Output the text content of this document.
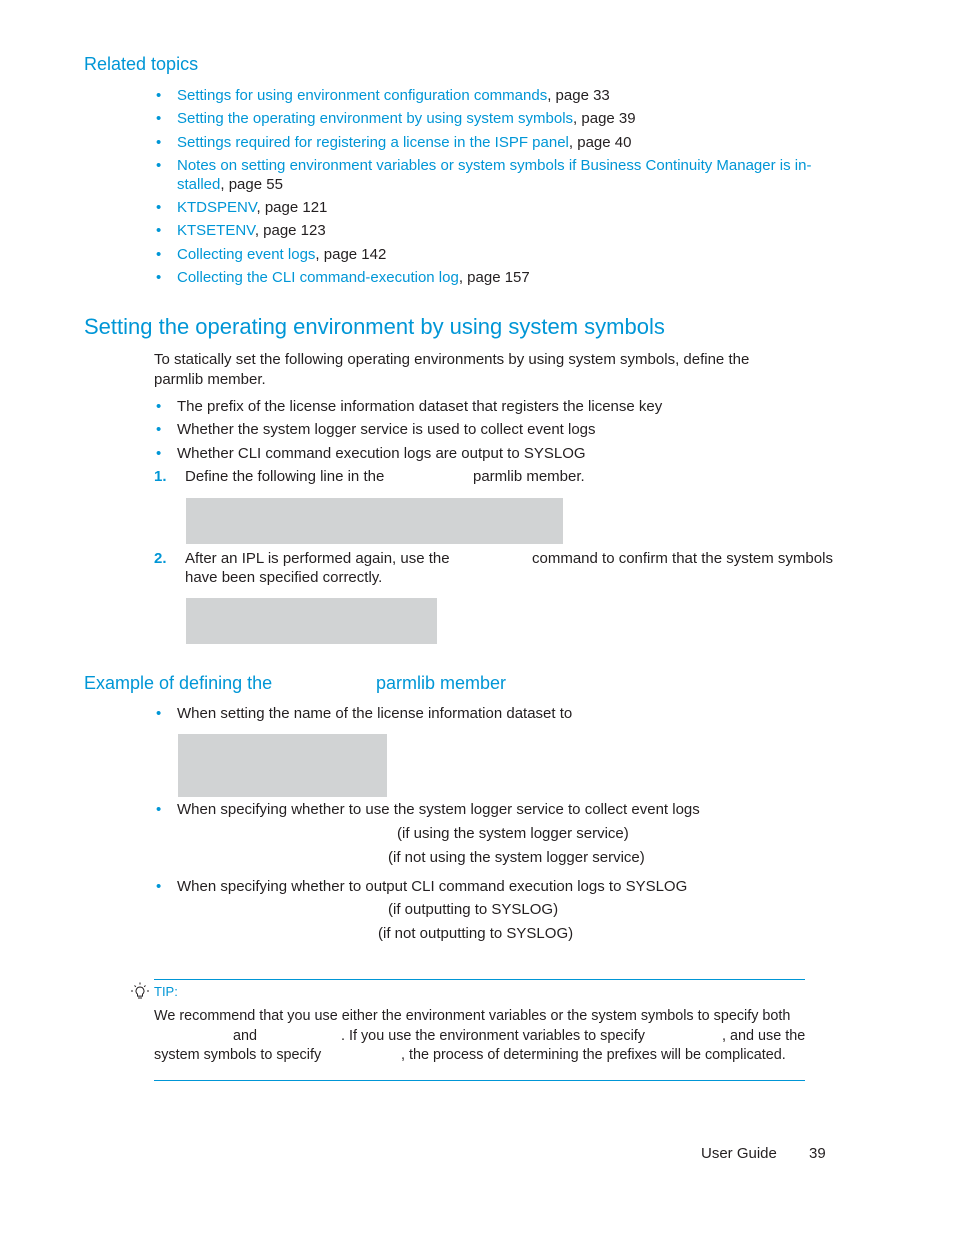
Related topics
• Settings for using environment configuration commands, page 33
• Setting the operating environment by using system symbols, page 39
• Settings required for registering a license in the ISPF panel, page 40
• Notes on setting environment variables or system symbols if Business Continuity Manager is in-
stalled, page 55
• KTDSPENV, page 121
• KTSETENV, page 123
• Collecting event logs, page 142
• Collecting the CLI command-execution log, page 157
Setting the operating environment by using system symbols
To statically set the following operating environments by using system symbols, define the
parmlib member.
• The prefix of the license information dataset that registers the license key
• Whether the system logger service is used to collect event logs
• Whether CLI command execution logs are output to SYSLOG
1. Define the following line in the	parmlib member.
2. After an IPL is performed again, use the	command to confirm that the system symbols
have been specified correctly.
Example of defining the	parmlib member
• When setting the name of the license information dataset to
• When specifying whether to use the system logger service to collect event logs
(if using the system logger service)
(if not using the system logger service)
• When specifying whether to output CLI command execution logs to SYSLOG
(if outputting to SYSLOG)
(if not outputting to SYSLOG)
TIP:
We recommend that you use either the environment variables or the system symbols to specify both
and	. If you use the environment variables to specify	, and use the
system symbols to specify	, the process of determining the prefixes will be complicated.
User Guide 39
